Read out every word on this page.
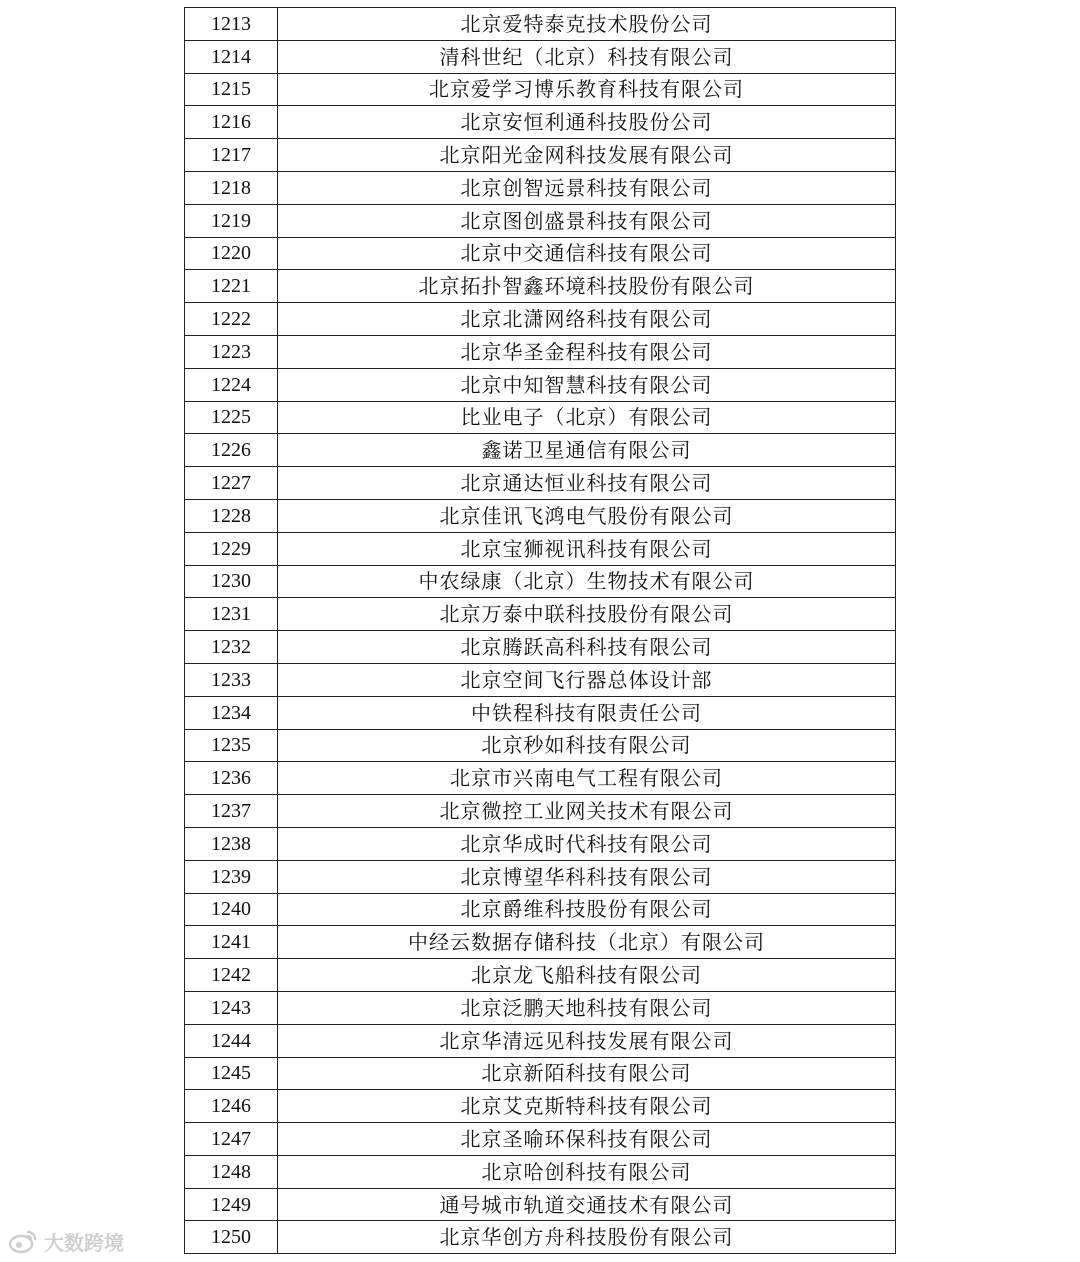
1213	北京爱特泰克技术股份公司
1214	清科世纪（北京）科技有限公司
1215	北京爱学习博乐教育科技有限公司
1216	北京安恒利通科技股份公司
1217	北京阳光金网科技发展有限公司
1218	北京创智远景科技有限公司
1219	北京图创盛景科技有限公司
1220	北京中交通信科技有限公司
1221	北京拓扑智鑫环境科技股份有限公司
1222	北京北潇网络科技有限公司
1223	北京华圣金程科技有限公司
1224	北京中知智慧科技有限公司
1225	比业电子（北京）有限公司
1226	鑫诺卫星通信有限公司
1227	北京通达恒业科技有限公司
1228	北京佳讯飞鸿电气股份有限公司
1229	北京宝狮视讯科技有限公司
1230	中农绿康（北京）生物技术有限公司
1231	北京万泰中联科技股份有限公司
1232	北京腾跃高科科技有限公司
1233	北京空间飞行器总体设计部
1234	中铁程科技有限责任公司
1235	北京秒如科技有限公司
1236	北京市兴南电气工程有限公司
1237	北京微控工业网关技术有限公司
1238	北京华成时代科技有限公司
1239	北京博望华科科技有限公司
1240	北京爵维科技股份有限公司
1241	中经云数据存储科技（北京）有限公司
1242	北京龙飞船科技有限公司
1243	北京泛鹏天地科技有限公司
1244	北京华清远见科技发展有限公司
1245	北京新陌科技有限公司
1246	北京艾克斯特科技有限公司
1247	北京圣喻环保科技有限公司
1248	北京哈创科技有限公司
1249	通号城市轨道交通技术有限公司
1250	北京华创方舟科技股份有限公司
大数跨境
